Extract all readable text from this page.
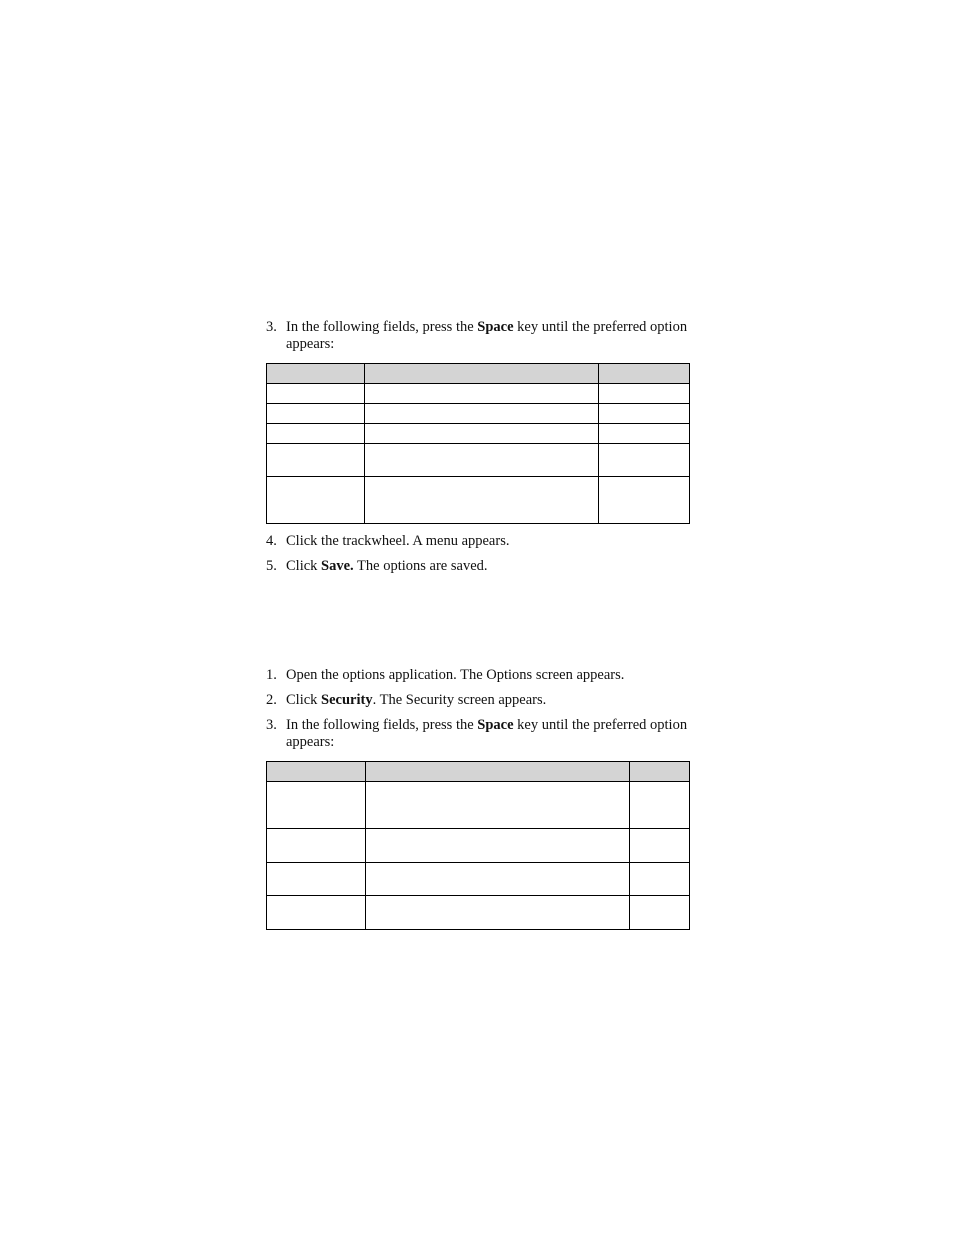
3. In the following fields, press the Space key until the preferred option appears:

4. Click the trackwheel. A menu appears.
5. Click Save. The options are saved.
1. Open the options application. The Options screen appears.
2. Click Security. The Security screen appears.
3. In the following fields, press the Space key until the preferred option appears:
